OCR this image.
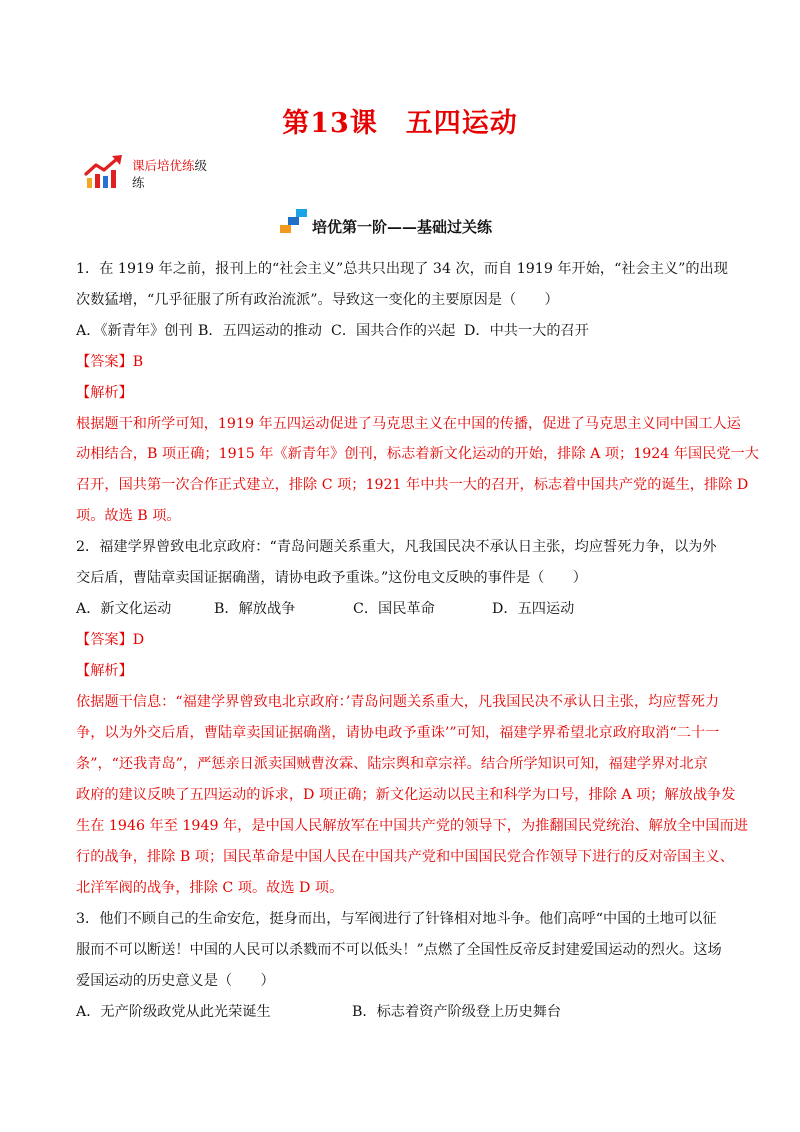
第13课 五四运动
课后培优练级
练
培优第一阶——基础过关练
1．在 1919 年之前，报刊上的“社会主义”总共只出现了 34 次，而自 1919 年开始，“社会主义”的出现
次数猛增，“几乎征服了所有政治流派”。导致这一变化的主要原因是（　　）
A．《新青年》创刊 B．五四运动的推动 C．国共合作的兴起 D．中共一大的召开
【答案】B
【解析】
根据题干和所学可知，1919 年五四运动促进了马克思主义在中国的传播，促进了马克思主义同中国工人运
动相结合，B 项正确；1915 年《新青年》创刊，标志着新文化运动的开始，排除 A 项；1924 年国民党一大
召开，国共第一次合作正式建立，排除 C 项；1921 年中共一大的召开，标志着中国共产党的诞生，排除 D
项。故选 B 项。
2．福建学界曾致电北京政府：“青岛问题关系重大，凡我国民决不承认日主张，均应誓死力争，以为外
交后盾，曹陆章卖国证据确凿，请协电政予重诛。”这份电文反映的事件是（　　）
A．新文化运动	B．解放战争	C．国民革命	D．五四运动
【答案】D
【解析】
依据题干信息：“福建学界曾致电北京政府：’青岛问题关系重大，凡我国民决不承认日主张，均应誓死力
争，以为外交后盾，曹陆章卖国证据确凿，请协电政予重诛’”可知，福建学界希望北京政府取消“二十一
条”，“还我青岛”，严惩亲日派卖国贼曹汝霖、陆宗舆和章宗祥。结合所学知识可知，福建学界对北京
政府的建议反映了五四运动的诉求，D 项正确；新文化运动以民主和科学为口号，排除 A 项；解放战争发
生在 1946 年至 1949 年，是中国人民解放军在中国共产党的领导下，为推翻国民党统治、解放全中国而进
行的战争，排除 B 项；国民革命是中国人民在中国共产党和中国国民党合作领导下进行的反对帝国主义、
北洋军阀的战争，排除 C 项。故选 D 项。
3．他们不顾自己的生命安危，挺身而出，与军阀进行了针锋相对地斗争。他们高呼“中国的土地可以征
服而不可以断送！中国的人民可以杀戮而不可以低头！”点燃了全国性反帝反封建爱国运动的烈火。这场
爱国运动的历史意义是（　　）
A．无产阶级政党从此光荣诞生	B．标志着资产阶级登上历史舞台
